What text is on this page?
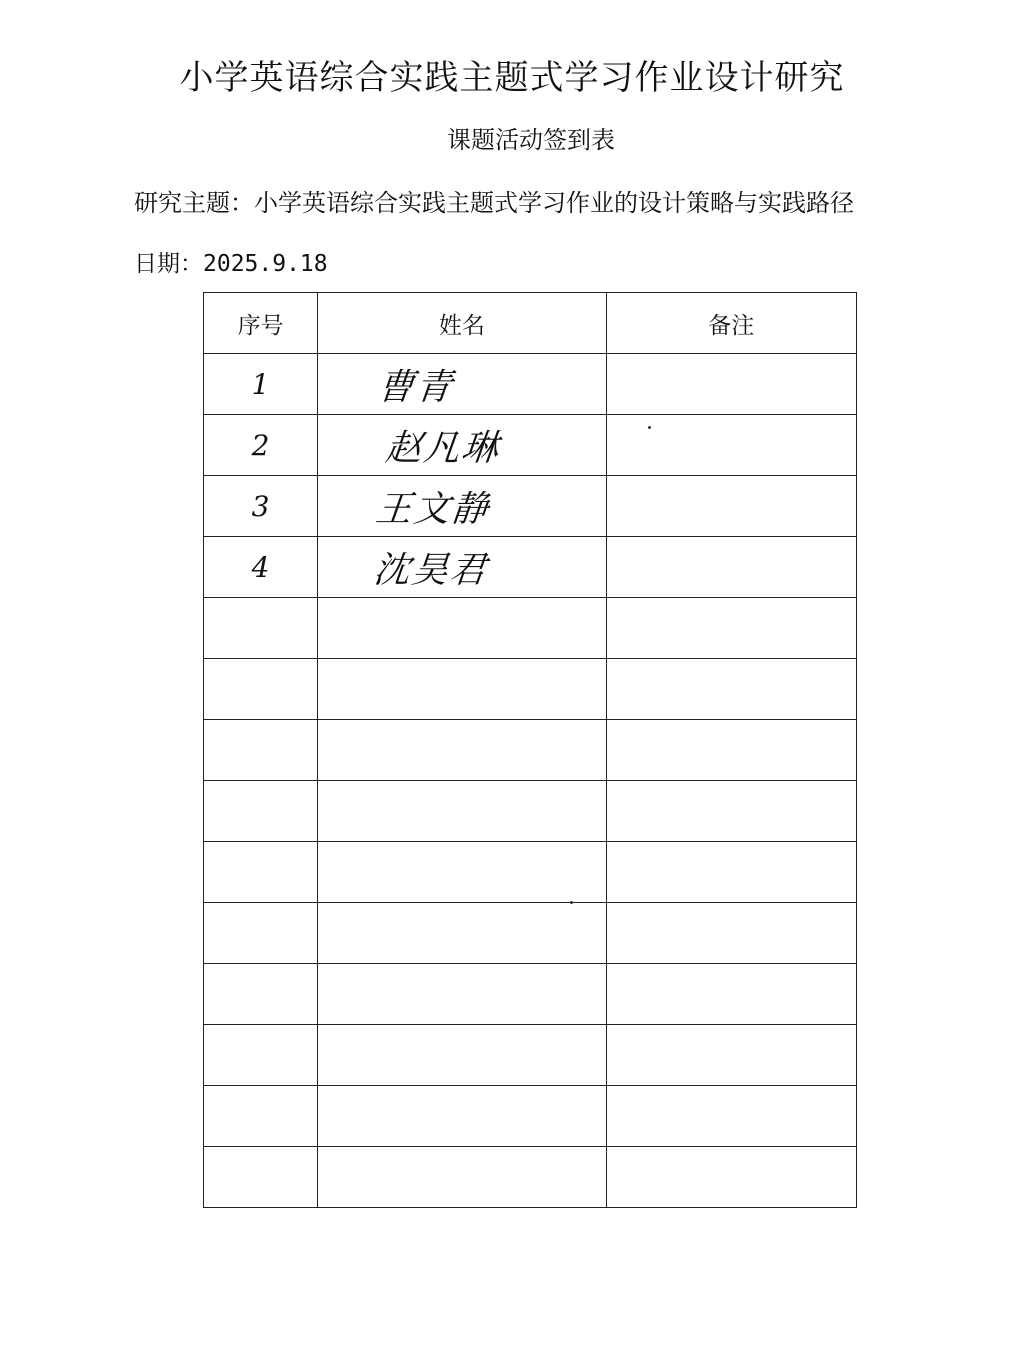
小学英语综合实践主题式学习作业设计研究
课题活动签到表
研究主题：小学英语综合实践主题式学习作业的设计策略与实践路径
日期：2025.9.18
序号	姓名	备注
1	曹青	
2	赵凡琳	
3	王文静	
4	沈昊君	
